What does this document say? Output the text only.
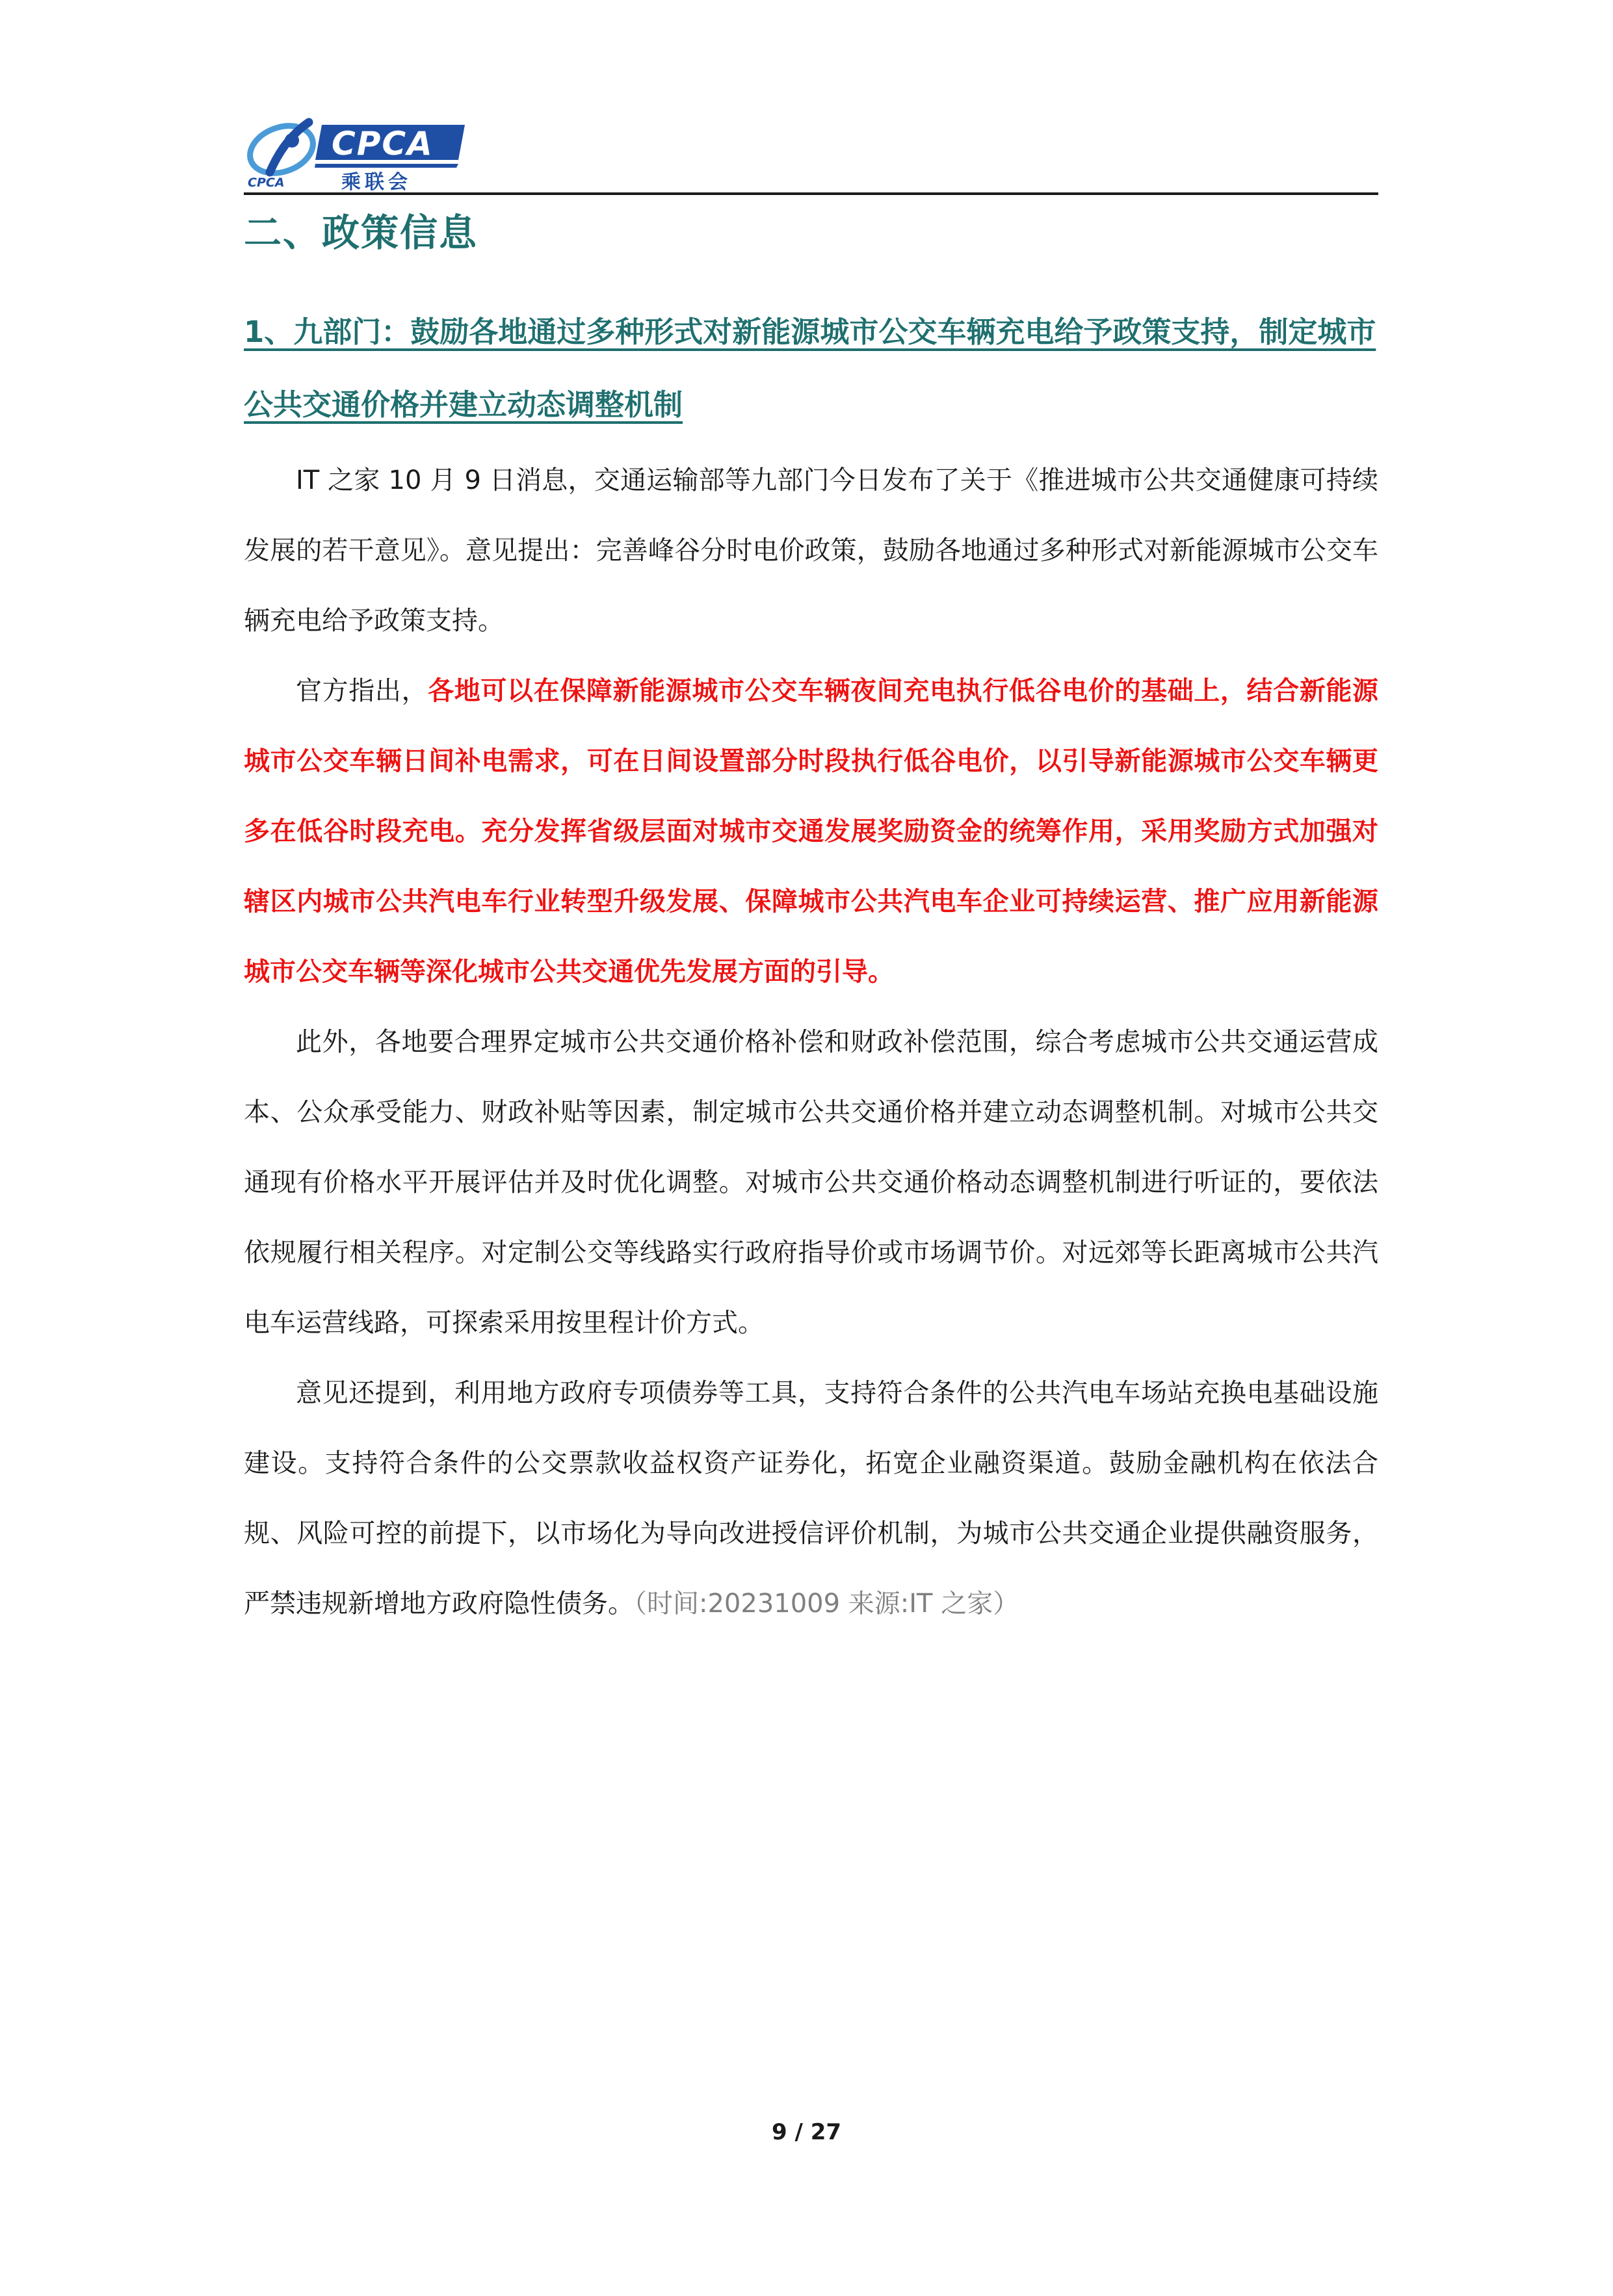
CPCA
CPCA
乘联会
二、政策信息
1、九部门：鼓励各地通过多种形式对新能源城市公交车辆充电给予政策支持，制定城市公共交通价格并建立动态调整机制

IT 之家 10 月 9 日消息，交通运输部等九部门今日发布了关于《推进城市公共交通健康可持续发展的若干意见》。意见提出：完善峰谷分时电价政策，鼓励各地通过多种形式对新能源城市公交车辆充电给予政策支持。

官方指出，各地可以在保障新能源城市公交车辆夜间充电执行低谷电价的基础上，结合新能源城市公交车辆日间补电需求，可在日间设置部分时段执行低谷电价，以引导新能源城市公交车辆更多在低谷时段充电。充分发挥省级层面对城市交通发展奖励资金的统筹作用，采用奖励方式加强对辖区内城市公共汽电车行业转型升级发展、保障城市公共汽电车企业可持续运营、推广应用新能源城市公交车辆等深化城市公共交通优先发展方面的引导。

此外，各地要合理界定城市公共交通价格补偿和财政补偿范围，综合考虑城市公共交通运营成本、公众承受能力、财政补贴等因素，制定城市公共交通价格并建立动态调整机制。对城市公共交通现有价格水平开展评估并及时优化调整。对城市公共交通价格动态调整机制进行听证的，要依法依规履行相关程序。对定制公交等线路实行政府指导价或市场调节价。对远郊等长距离城市公共汽电车运营线路，可探索采用按里程计价方式。

意见还提到，利用地方政府专项债券等工具，支持符合条件的公共汽电车场站充换电基础设施建设。支持符合条件的公交票款收益权资产证券化，拓宽企业融资渠道。鼓励金融机构在依法合规、风险可控的前提下，以市场化为导向改进授信评价机制，为城市公共交通企业提供融资服务，严禁违规新增地方政府隐性债务。（时间:20231009 来源:IT 之家）

9 / 27
